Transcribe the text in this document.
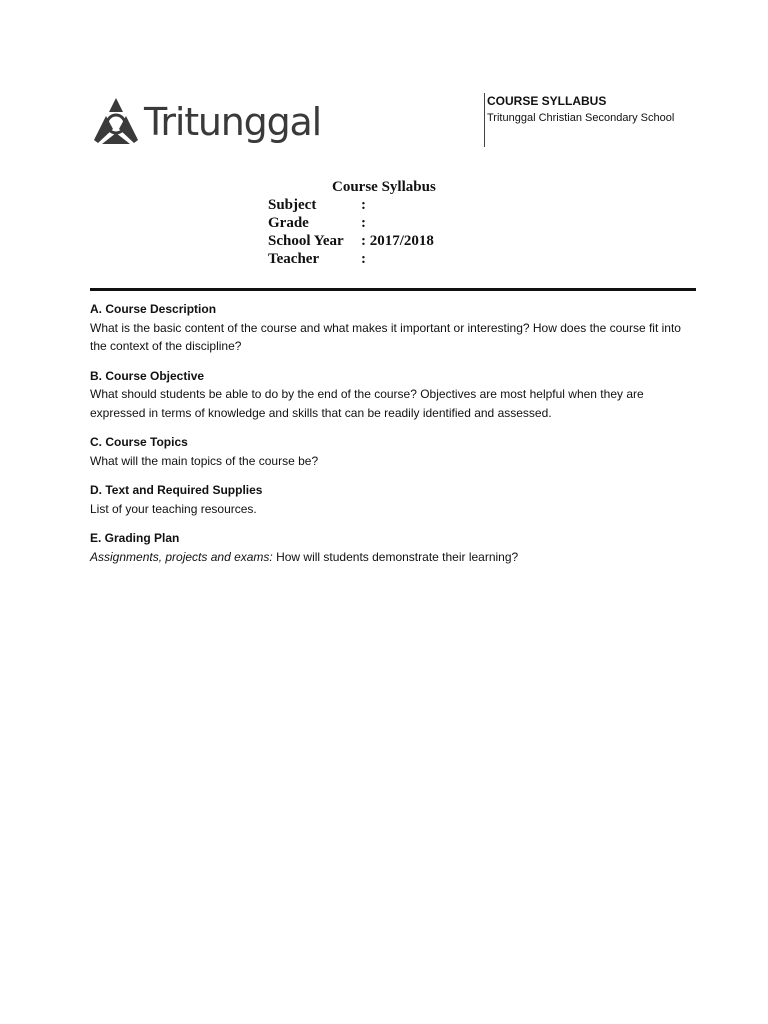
Tritunggal	COURSE SYLLABUS
Tritunggal Christian Secondary School
Course Syllabus
Subject	:
Grade	:
School Year	: 2017/2018
Teacher	:
A. Course Description

What is the basic content of the course and what makes it important or interesting? How does the course fit into the context of the discipline?

B. Course Objective

What should students be able to do by the end of the course? Objectives are most helpful when they are expressed in terms of knowledge and skills that can be readily identified and assessed.

C. Course Topics

What will the main topics of the course be?

D. Text and Required Supplies

List of your teaching resources.

E. Grading Plan

Assignments, projects and exams: How will students demonstrate their learning?
